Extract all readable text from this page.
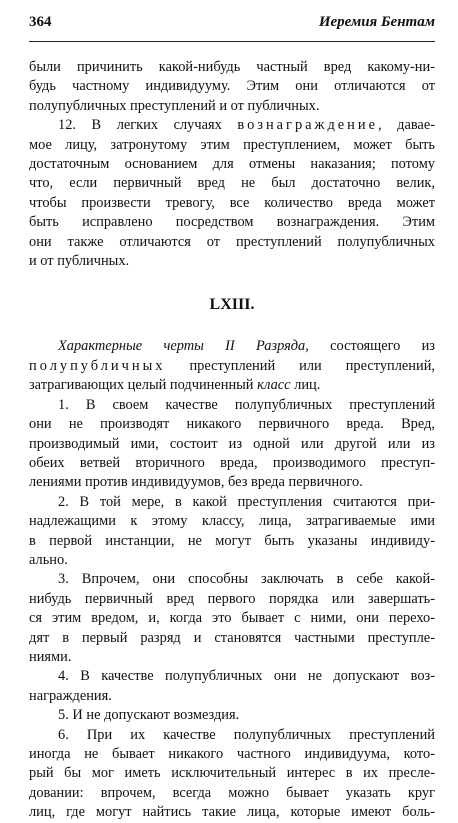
364	Иеремия Бентам
были причинить какой-нибудь частный вред какому-ни-
будь частному индивидууму. Этим они отличаются от
полупубличных преступлений и от публичных.
12. В легких случаях вознаграждение, давае-
мое лицу, затронутому этим преступлением, может быть
достаточным основанием для отмены наказания; потому
что, если первичный вред не был достаточно велик,
чтобы произвести тревогу, все количество вреда может
быть исправлено посредством вознаграждения. Этим
они также отличаются от преступлений полупубличных
и от публичных.
LXIII.
Характерные черты II Разряда, состоящего из
полупубличных преступлений или преступлений,
затрагивающих целый подчиненный класс лиц.
1. В своем качестве полупубличных преступлений
они не производят никакого первичного вреда. Вред,
производимый ими, состоит из одной или другой или из
обеих ветвей вторичного вреда, производимого преступ-
лениями против индивидуумов, без вреда первичного.
2. В той мере, в какой преступления считаются при-
надлежащими к этому классу, лица, затрагиваемые ими
в первой инстанции, не могут быть указаны индивиду-
ально.
3. Впрочем, они способны заключать в себе какой-
нибудь первичный вред первого порядка или завершать-
ся этим вредом, и, когда это бывает с ними, они перехо-
дят в первый разряд и становятся частными преступле-
ниями.
4. В качестве полупубличных они не допускают воз-
награждения.
5. И не допускают возмездия.
6. При их качестве полупубличных преступлений
иногда не бывает никакого частного индивидуума, кото-
рый бы мог иметь исключительный интерес в их пресле-
довании: впрочем, всегда можно бывает указать круг
лиц, где могут найтись такие лица, которые имеют боль-
